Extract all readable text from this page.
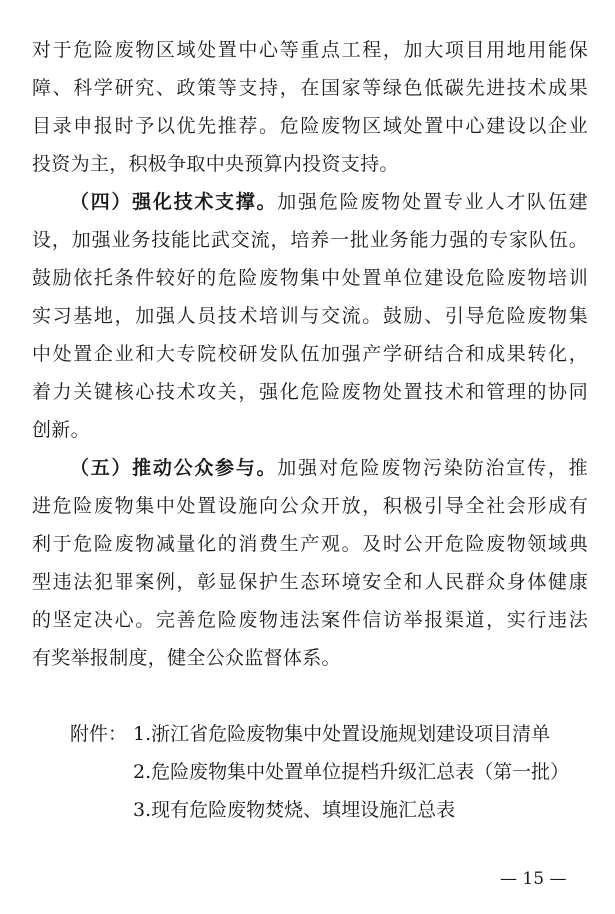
对于危险废物区域处置中心等重点工程，加大项目用地用能保
障、科学研究、政策等支持，在国家等绿色低碳先进技术成果
目录申报时予以优先推荐。危险废物区域处置中心建设以企业
投资为主，积极争取中央预算内投资支持。
（四）强化技术支撑。加强危险废物处置专业人才队伍建
设，加强业务技能比武交流，培养一批业务能力强的专家队伍。
鼓励依托条件较好的危险废物集中处置单位建设危险废物培训
实习基地，加强人员技术培训与交流。鼓励、引导危险废物集
中处置企业和大专院校研发队伍加强产学研结合和成果转化，
着力关键核心技术攻关，强化危险废物处置技术和管理的协同
创新。
（五）推动公众参与。加强对危险废物污染防治宣传，推
进危险废物集中处置设施向公众开放，积极引导全社会形成有
利于危险废物减量化的消费生产观。及时公开危险废物领域典
型违法犯罪案例，彰显保护生态环境安全和人民群众身体健康
的坚定决心。完善危险废物违法案件信访举报渠道，实行违法
有奖举报制度，健全公众监督体系。
附件： 1.浙江省危险废物集中处置设施规划建设项目清单
2.危险废物集中处置单位提档升级汇总表（第一批）
3.现有危险废物焚烧、填埋设施汇总表
— 15 —
